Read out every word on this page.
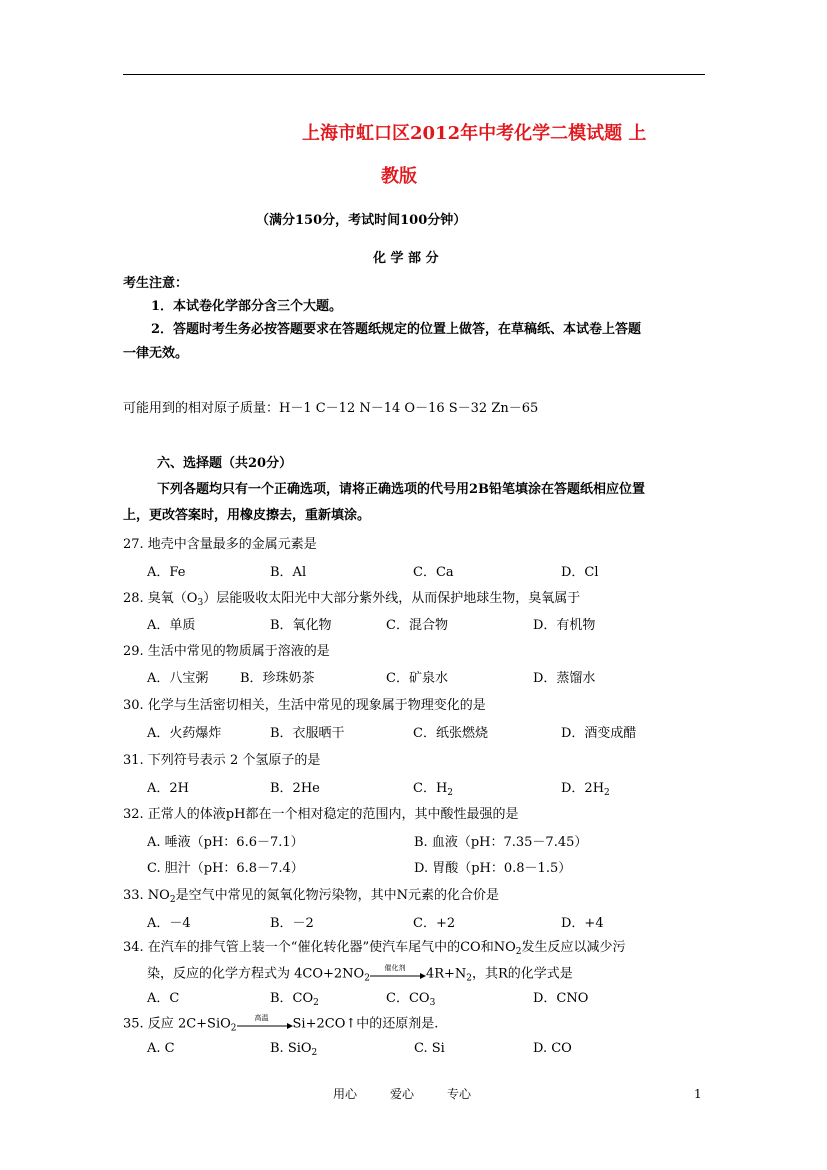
上海市虹口区2012年中考化学二模试题 上
教版
（满分150分，考试时间100分钟）
化 学 部 分
考生注意：
1．本试卷化学部分含三个大题。
2．答题时考生务必按答题要求在答题纸规定的位置上做答，在草稿纸、本试卷上答题
一律无效。
可能用到的相对原子质量：H－1 C－12 N－14 O－16 S－32 Zn－65
六、选择题（共20分）
下列各题均只有一个正确选项，请将正确选项的代号用2B铅笔填涂在答题纸相应位置
上，更改答案时，用橡皮擦去，重新填涂。
27. 地壳中含量最多的金属元素是
A．Fe	B．Al	C．Ca	D．Cl
28. 臭氧$(O_3)$层能吸收太阳光中大部分紫外线，从而保护地球生物，臭氧属于
A．单质	B．氧化物	C．混合物	D．有机物
29. 生活中常见的物质属于溶液的是
A．八宝粥 B．珍珠奶茶	C．矿泉水	D．蒸馏水
30. 化学与生活密切相关，生活中常见的现象属于物理变化的是
A．火药爆炸	B．衣服晒干	C．纸张燃烧	D．酒变成醋
31. 下列符号表示 2 个氢原子的是
A．2H	B．2He	C．$H_2$	D．$2H_2$
32. 正常人的体液pH都在一个相对稳定的范围内，其中酸性最强的是
A. 唾液（pH：6.6－7.1）	B. 血液（pH：7.35－7.45）
C. 胆汁（pH：6.8－7.4）	D. 胃酸（pH：0.8－1.5）
33. $NO_2$是空气中常见的氮氧化物污染物，其中N元素的化合价是
A．－4	B．－2	C．+2	D．+4
34. 在汽车的排气管上装一个“催化转化器”使汽车尾气中的CO和$NO_2$发生反应以减少污
染，反应的化学方程式为 $4CO+2NO_2$
催化剂	$4R+N_2$，其R的化学式是
A．C	B．$CO_2$	C．$CO_3$	D．CNO
35. 反应 2C+SiO$_2$
高温	Si+2CO↑中的还原剂是.
A. C	B. SiO$_2$	C. Si	D. CO
用心	爱心	专心	1
